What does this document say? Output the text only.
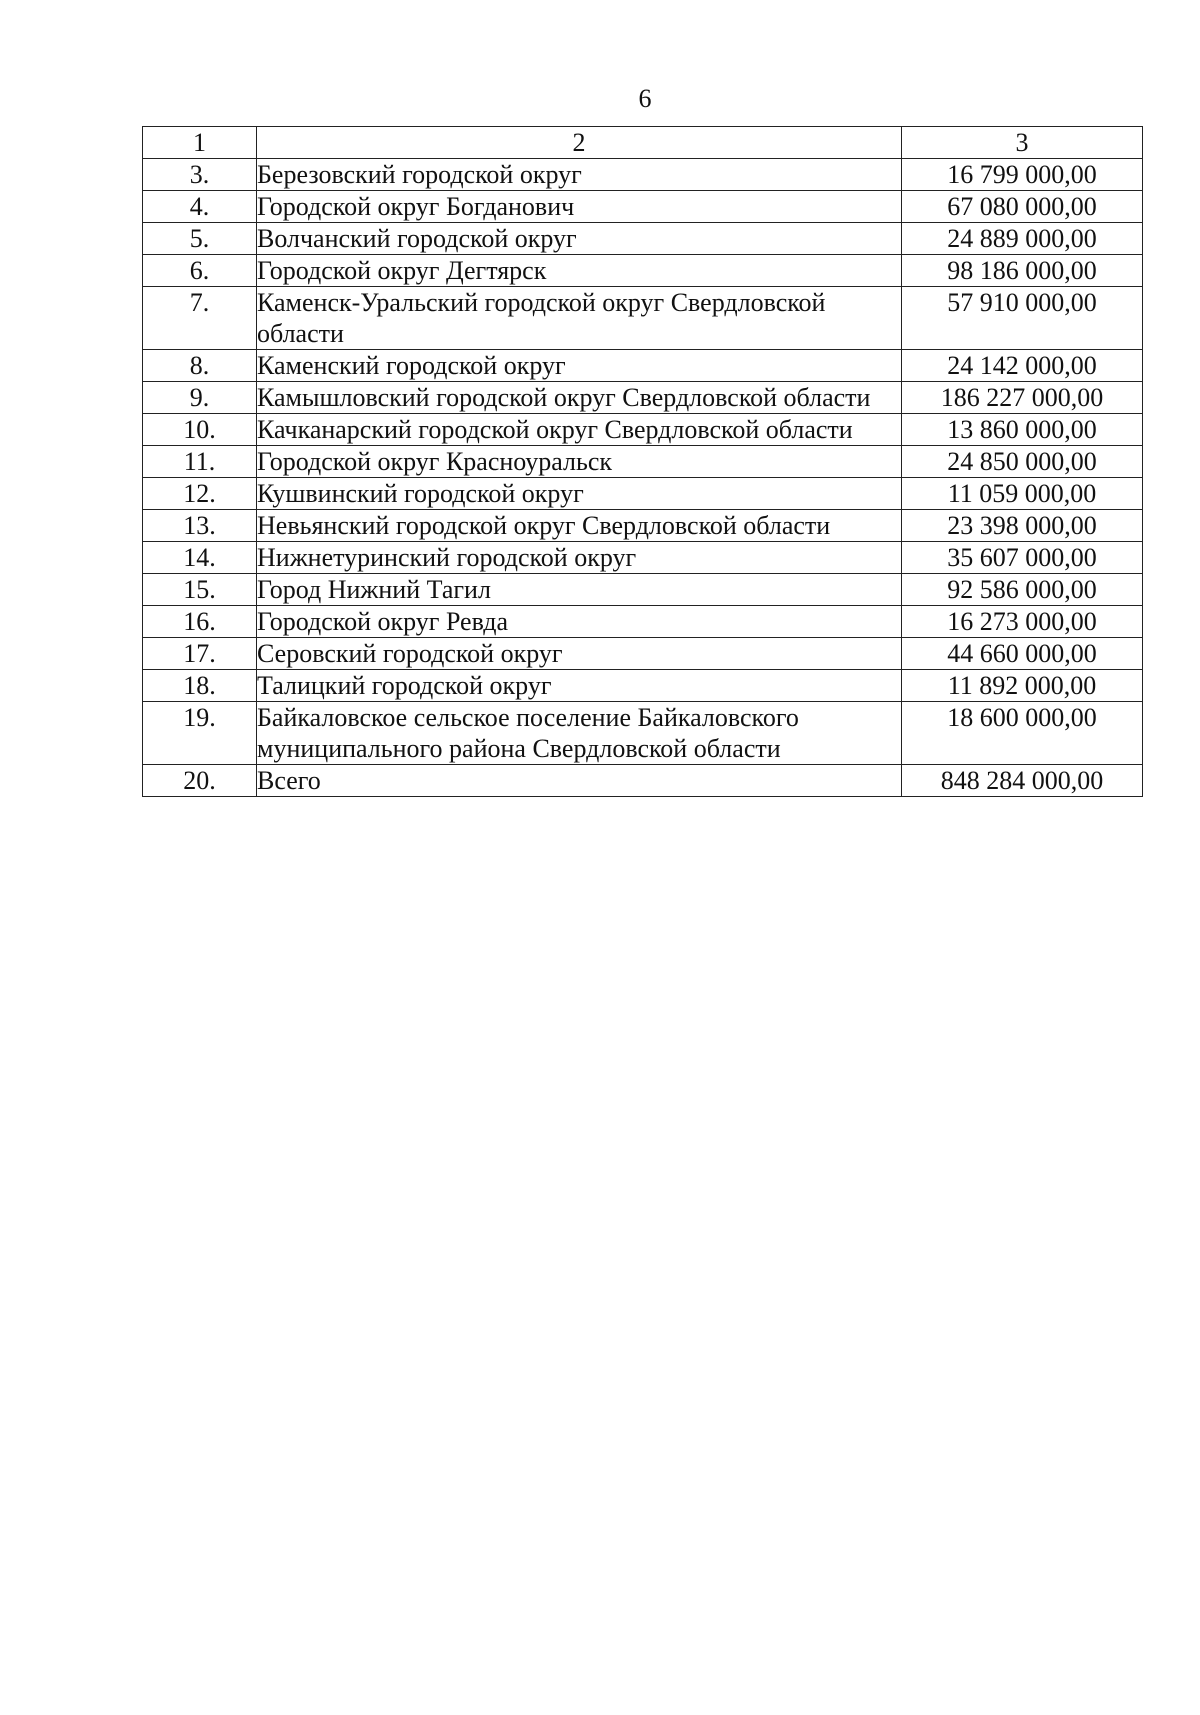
6
1	2	3
3.	Березовский городской округ	16 799 000,00
4.	Городской округ Богданович	67 080 000,00
5.	Волчанский городской округ	24 889 000,00
6.	Городской округ Дегтярск	98 186 000,00
7.	Каменск-Уральский городской округ Свердловской области	57 910 000,00
8.	Каменский городской округ	24 142 000,00
9.	Камышловский городской округ Свердловской области	186 227 000,00
10.	Качканарский городской округ Свердловской области	13 860 000,00
11.	Городской округ Красноуральск	24 850 000,00
12.	Кушвинский городской округ	11 059 000,00
13.	Невьянский городской округ Свердловской области	23 398 000,00
14.	Нижнетуринский городской округ	35 607 000,00
15.	Город Нижний Тагил	92 586 000,00
16.	Городской округ Ревда	16 273 000,00
17.	Серовский городской округ	44 660 000,00
18.	Талицкий городской округ	11 892 000,00
19.	Байкаловское сельское поселение Байкаловского муниципального района Свердловской области	18 600 000,00
20.	Всего	848 284 000,00
